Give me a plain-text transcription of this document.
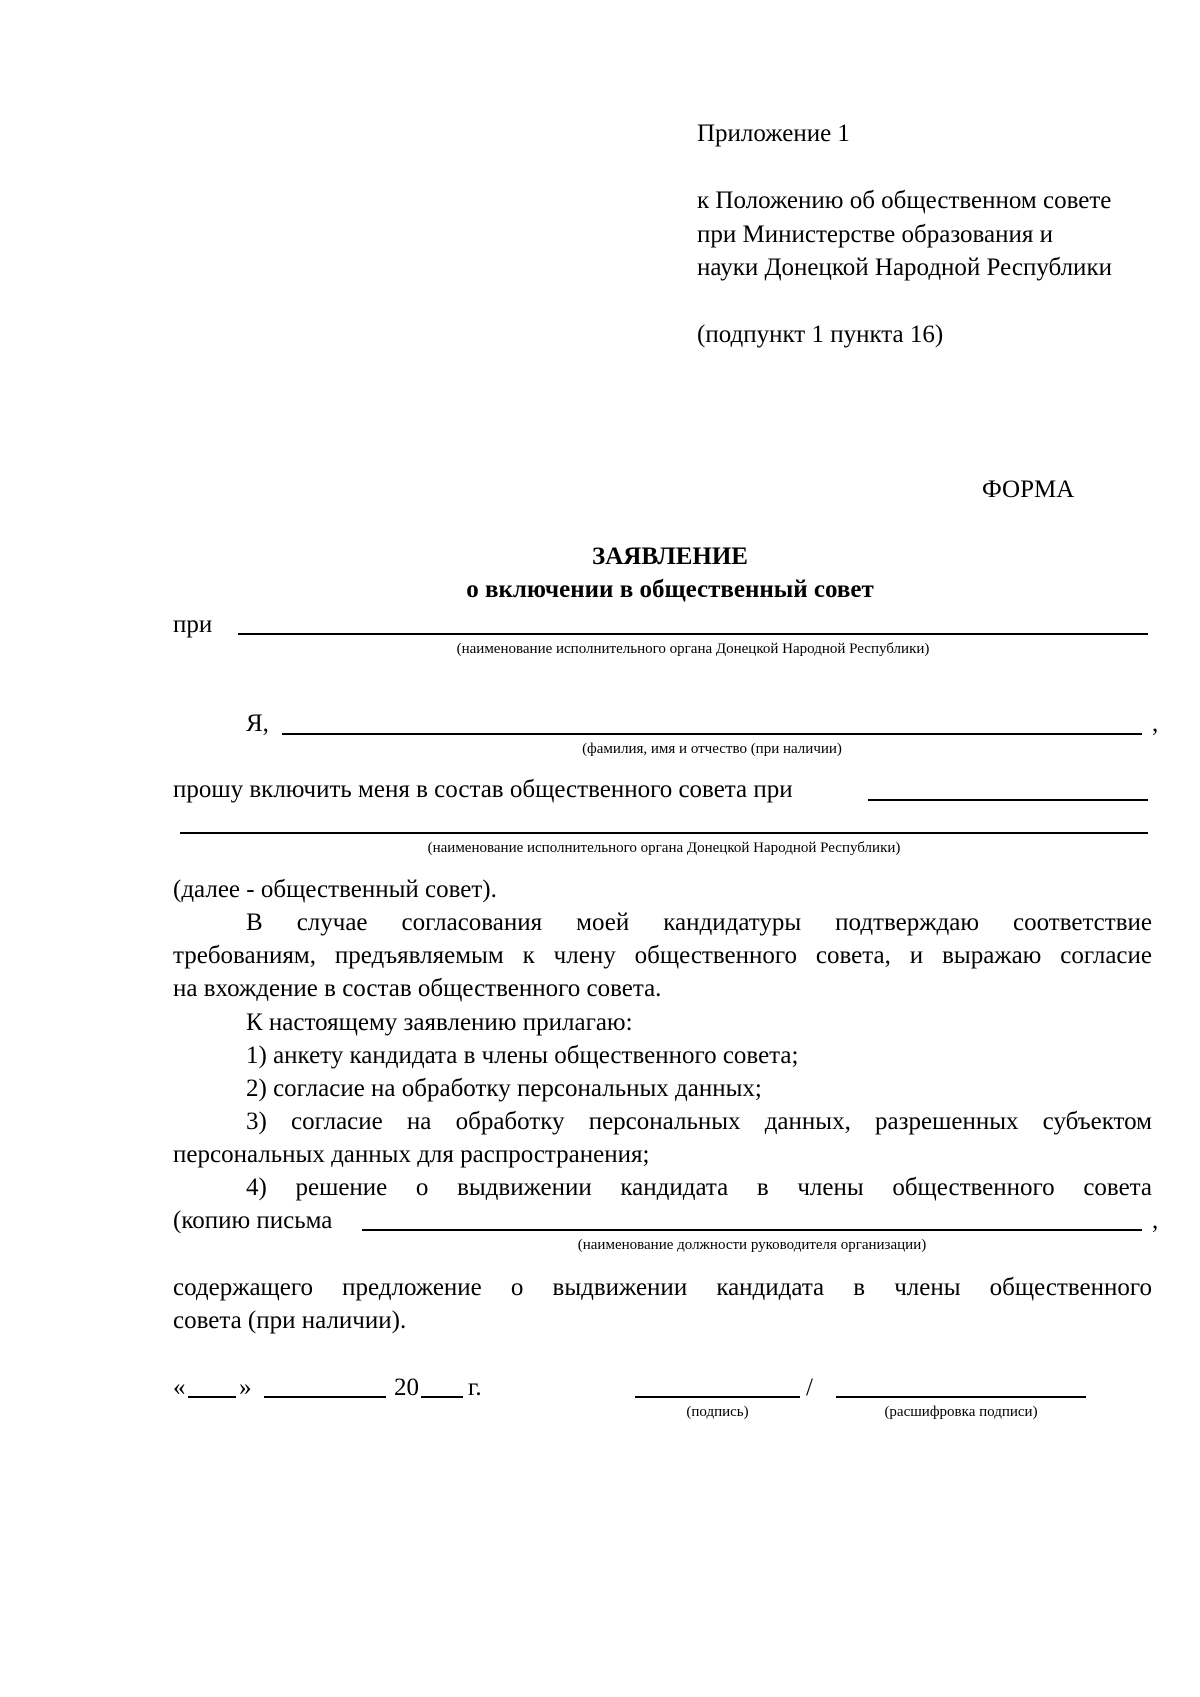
Приложение 1
к Положению об общественном совете
при Министерстве образования и
науки Донецкой Народной Республики
(подпункт 1 пункта 16)
ФОРМА
ЗАЯВЛЕНИЕ
о включении в общественный совет
при
(наименование исполнительного органа Донецкой Народной Республики)
Я,	,
(фамилия, имя и отчество (при наличии)
прошу включить меня в состав общественного совета при
(наименование исполнительного органа Донецкой Народной Республики)
(далее - общественный совет).
В случае согласования моей кандидатуры подтверждаю соответствие
требованиям, предъявляемым к члену общественного совета, и выражаю согласие
на вхождение в состав общественного совета.
К настоящему заявлению прилагаю:
1) анкету кандидата в члены общественного совета;
2) согласие на обработку персональных данных;
3) согласие на обработку персональных данных, разрешенных субъектом
персональных данных для распространения;
4) решение о выдвижении кандидата в члены общественного совета
(копию письма	,
(наименование должности руководителя организации)
содержащего предложение о выдвижении кандидата в члены общественного
совета (при наличии).
« »	20 г.	/
(подпись)	(расшифровка подписи)
